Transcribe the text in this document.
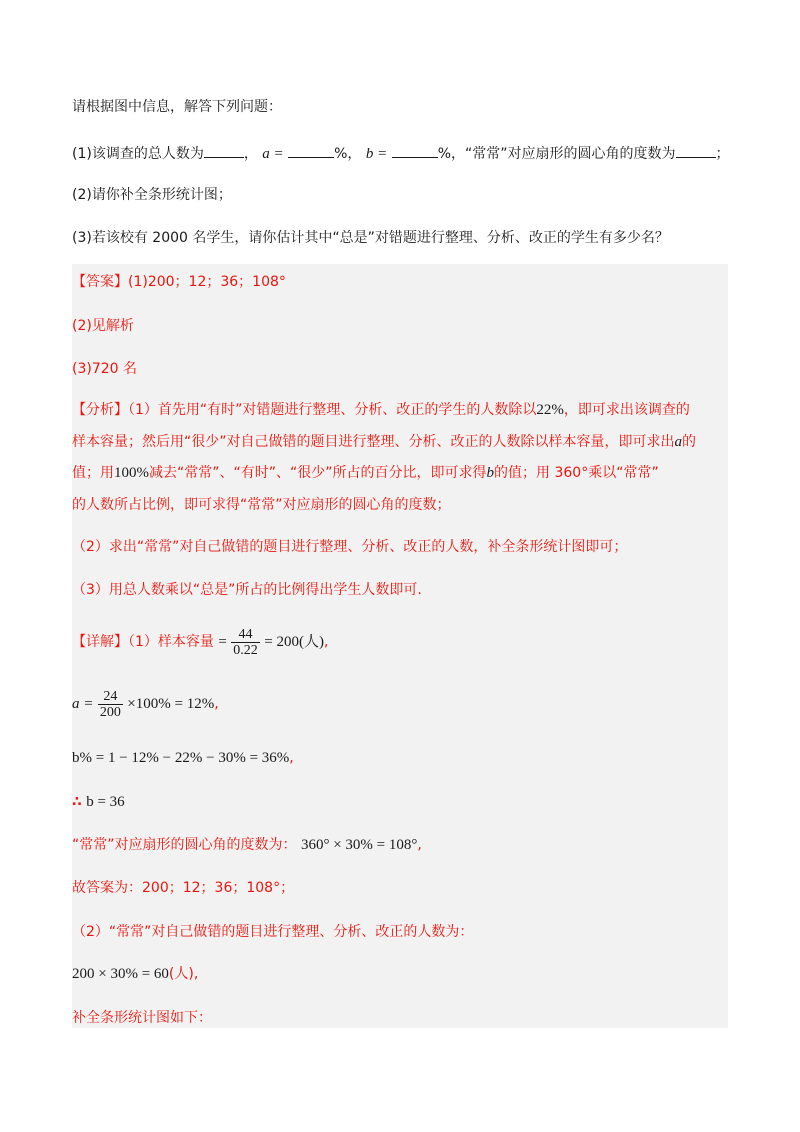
请根据图中信息，解答下列问题：
(1)该调查的总人数为	， a =	%， b =	%，“常常”对应扇形的圆心角的度数为	；
(2)请你补全条形统计图；
(3)若该校有 2000 名学生，请你估计其中“总是”对错题进行整理、分析、改正的学生有多少名？
【答案】(1)200；12；36；108°
(2)见解析
(3)720 名
【分析】（1）首先用“有时”对错题进行整理、分析、改正的学生的人数除以22%，即可求出该调查的
样本容量；然后用“很少”对自己做错的题目进行整理、分析、改正的人数除以样本容量，即可求出a的
值；用100%减去“常常”、“有时”、“很少”所占的百分比，即可求得b的值；用 360°乘以“常常”
的人数所占比例，即可求得“常常”对应扇形的圆心角的度数；
（2）求出“常常”对自己做错的题目进行整理、分析、改正的人数，补全条形统计图即可；
（3）用总人数乘以“总是”所占的比例得出学生人数即可.
【详解】（1）样本容量 = $\frac{44}{0.22} = 200$(人),
$a = \frac{24}{200} \times 100\% = 12\%$,
b% = 1 − 12% − 22% − 30% = 36%,
∴ b = 36
“常常”对应扇形的圆心角的度数为： 360° × 30% = 108°,
故答案为：200；12；36；108°；
（2）“常常”对自己做错的题目进行整理、分析、改正的人数为：
200 × 30% = 60(人),
补全条形统计图如下：
